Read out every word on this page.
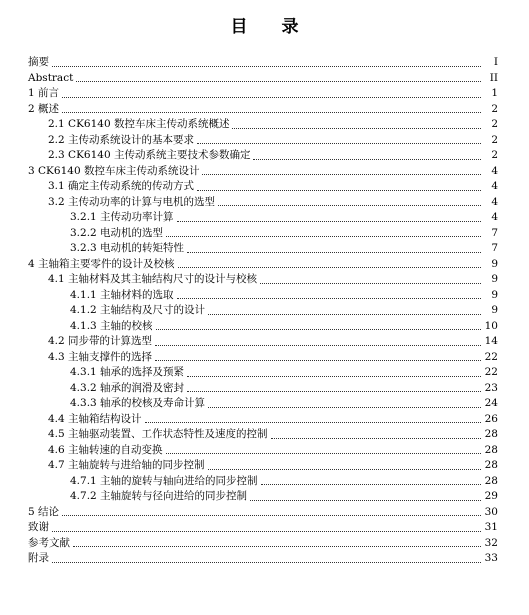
目 录
摘要	I
Abstract	II
1 前言	1
2 概述	2
2.1 CK6140 数控车床主传动系统概述	2
2.2 主传动系统设计的基本要求	2
2.3 CK6140 主传动系统主要技术参数确定	2
3 CK6140 数控车床主传动系统设计	4
3.1 确定主传动系统的传动方式	4
3.2 主传动功率的计算与电机的选型	4
3.2.1 主传动功率计算	4
3.2.2 电动机的选型	7
3.2.3 电动机的转矩特性	7
4 主轴箱主要零件的设计及校核	9
4.1 主轴材料及其主轴结构尺寸的设计与校核	9
4.1.1 主轴材料的选取	9
4.1.2 主轴结构及尺寸的设计	9
4.1.3 主轴的校核	10
4.2 同步带的计算选型	14
4.3 主轴支撑件的选择	22
4.3.1 轴承的选择及预紧	22
4.3.2 轴承的润滑及密封	23
4.3.3 轴承的校核及寿命计算	24
4.4 主轴箱结构设计	26
4.5 主轴驱动装置、工作状态特性及速度的控制	28
4.6 主轴转速的自动变换	28
4.7 主轴旋转与进给轴的同步控制	28
4.7.1 主轴的旋转与轴向进给的同步控制	28
4.7.2 主轴旋转与径向进给的同步控制	29
5 结论	30
致谢	31
参考文献	32
附录	33
